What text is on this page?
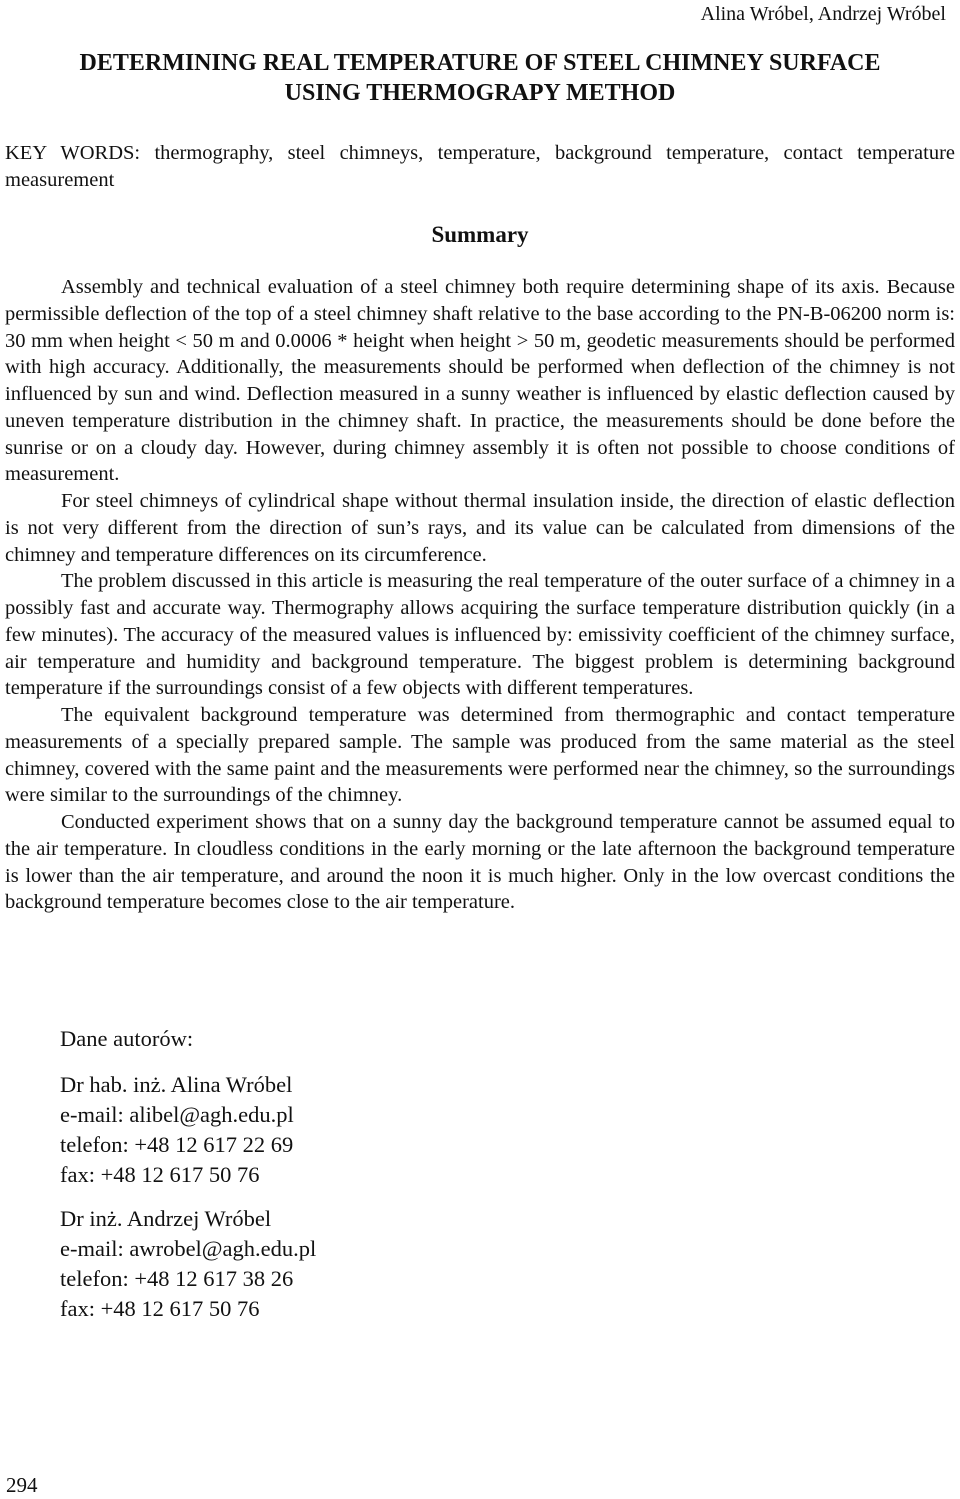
Alina Wróbel, Andrzej Wróbel
DETERMINING REAL TEMPERATURE OF STEEL CHIMNEY SURFACE
USING THERMOGRAPY METHOD
KEY WORDS: thermography, steel chimneys, temperature, background temperature, contact temperature measurement
Summary

Assembly and technical evaluation of a steel chimney both require determining shape of its axis. Because permissible deflection of the top of a steel chimney shaft relative to the base according to the PN-B-06200 norm is: 30 mm when height < 50 m and 0.0006 * height when height > 50 m, geodetic measurements should be performed with high accuracy. Additionally, the measurements should be performed when deflection of the chimney is not influenced by sun and wind. Deflection measured in a sunny weather is influenced by elastic deflection caused by uneven temperature distribution in the chimney shaft. In practice, the measurements should be done before the sunrise or on a cloudy day. However, during chimney assembly it is often not possible to choose conditions of measurement.

For steel chimneys of cylindrical shape without thermal insulation inside, the direction of elastic deflection is not very different from the direction of sun’s rays, and its value can be calculated from dimensions of the chimney and temperature differences on its circumference.

The problem discussed in this article is measuring the real temperature of the outer surface of a chimney in a possibly fast and accurate way. Thermography allows acquiring the surface temperature distribution quickly (in a few minutes). The accuracy of the measured values is influenced by: emissivity coefficient of the chimney surface, air temperature and humidity and background temperature. The biggest problem is determining background temperature if the surroundings consist of a few objects with different temperatures.

The equivalent background temperature was determined from thermographic and contact temperature measurements of a specially prepared sample. The sample was produced from the same material as the steel chimney, covered with the same paint and the measurements were performed near the chimney, so the surroundings were similar to the surroundings of the chimney.

Conducted experiment shows that on a sunny day the background temperature cannot be assumed equal to the air temperature. In cloudless conditions in the early morning or the late afternoon the background temperature is lower than the air temperature, and around the noon it is much higher. Only in the low overcast conditions the background temperature becomes close to the air temperature.

Dane autorów:
Dr hab. inż. Alina Wróbel
e-mail: alibel@agh.edu.pl
telefon: +48 12 617 22 69
fax: +48 12 617 50 76
Dr inż. Andrzej Wróbel
e-mail: awrobel@agh.edu.pl
telefon: +48 12 617 38 26
fax: +48 12 617 50 76
294
